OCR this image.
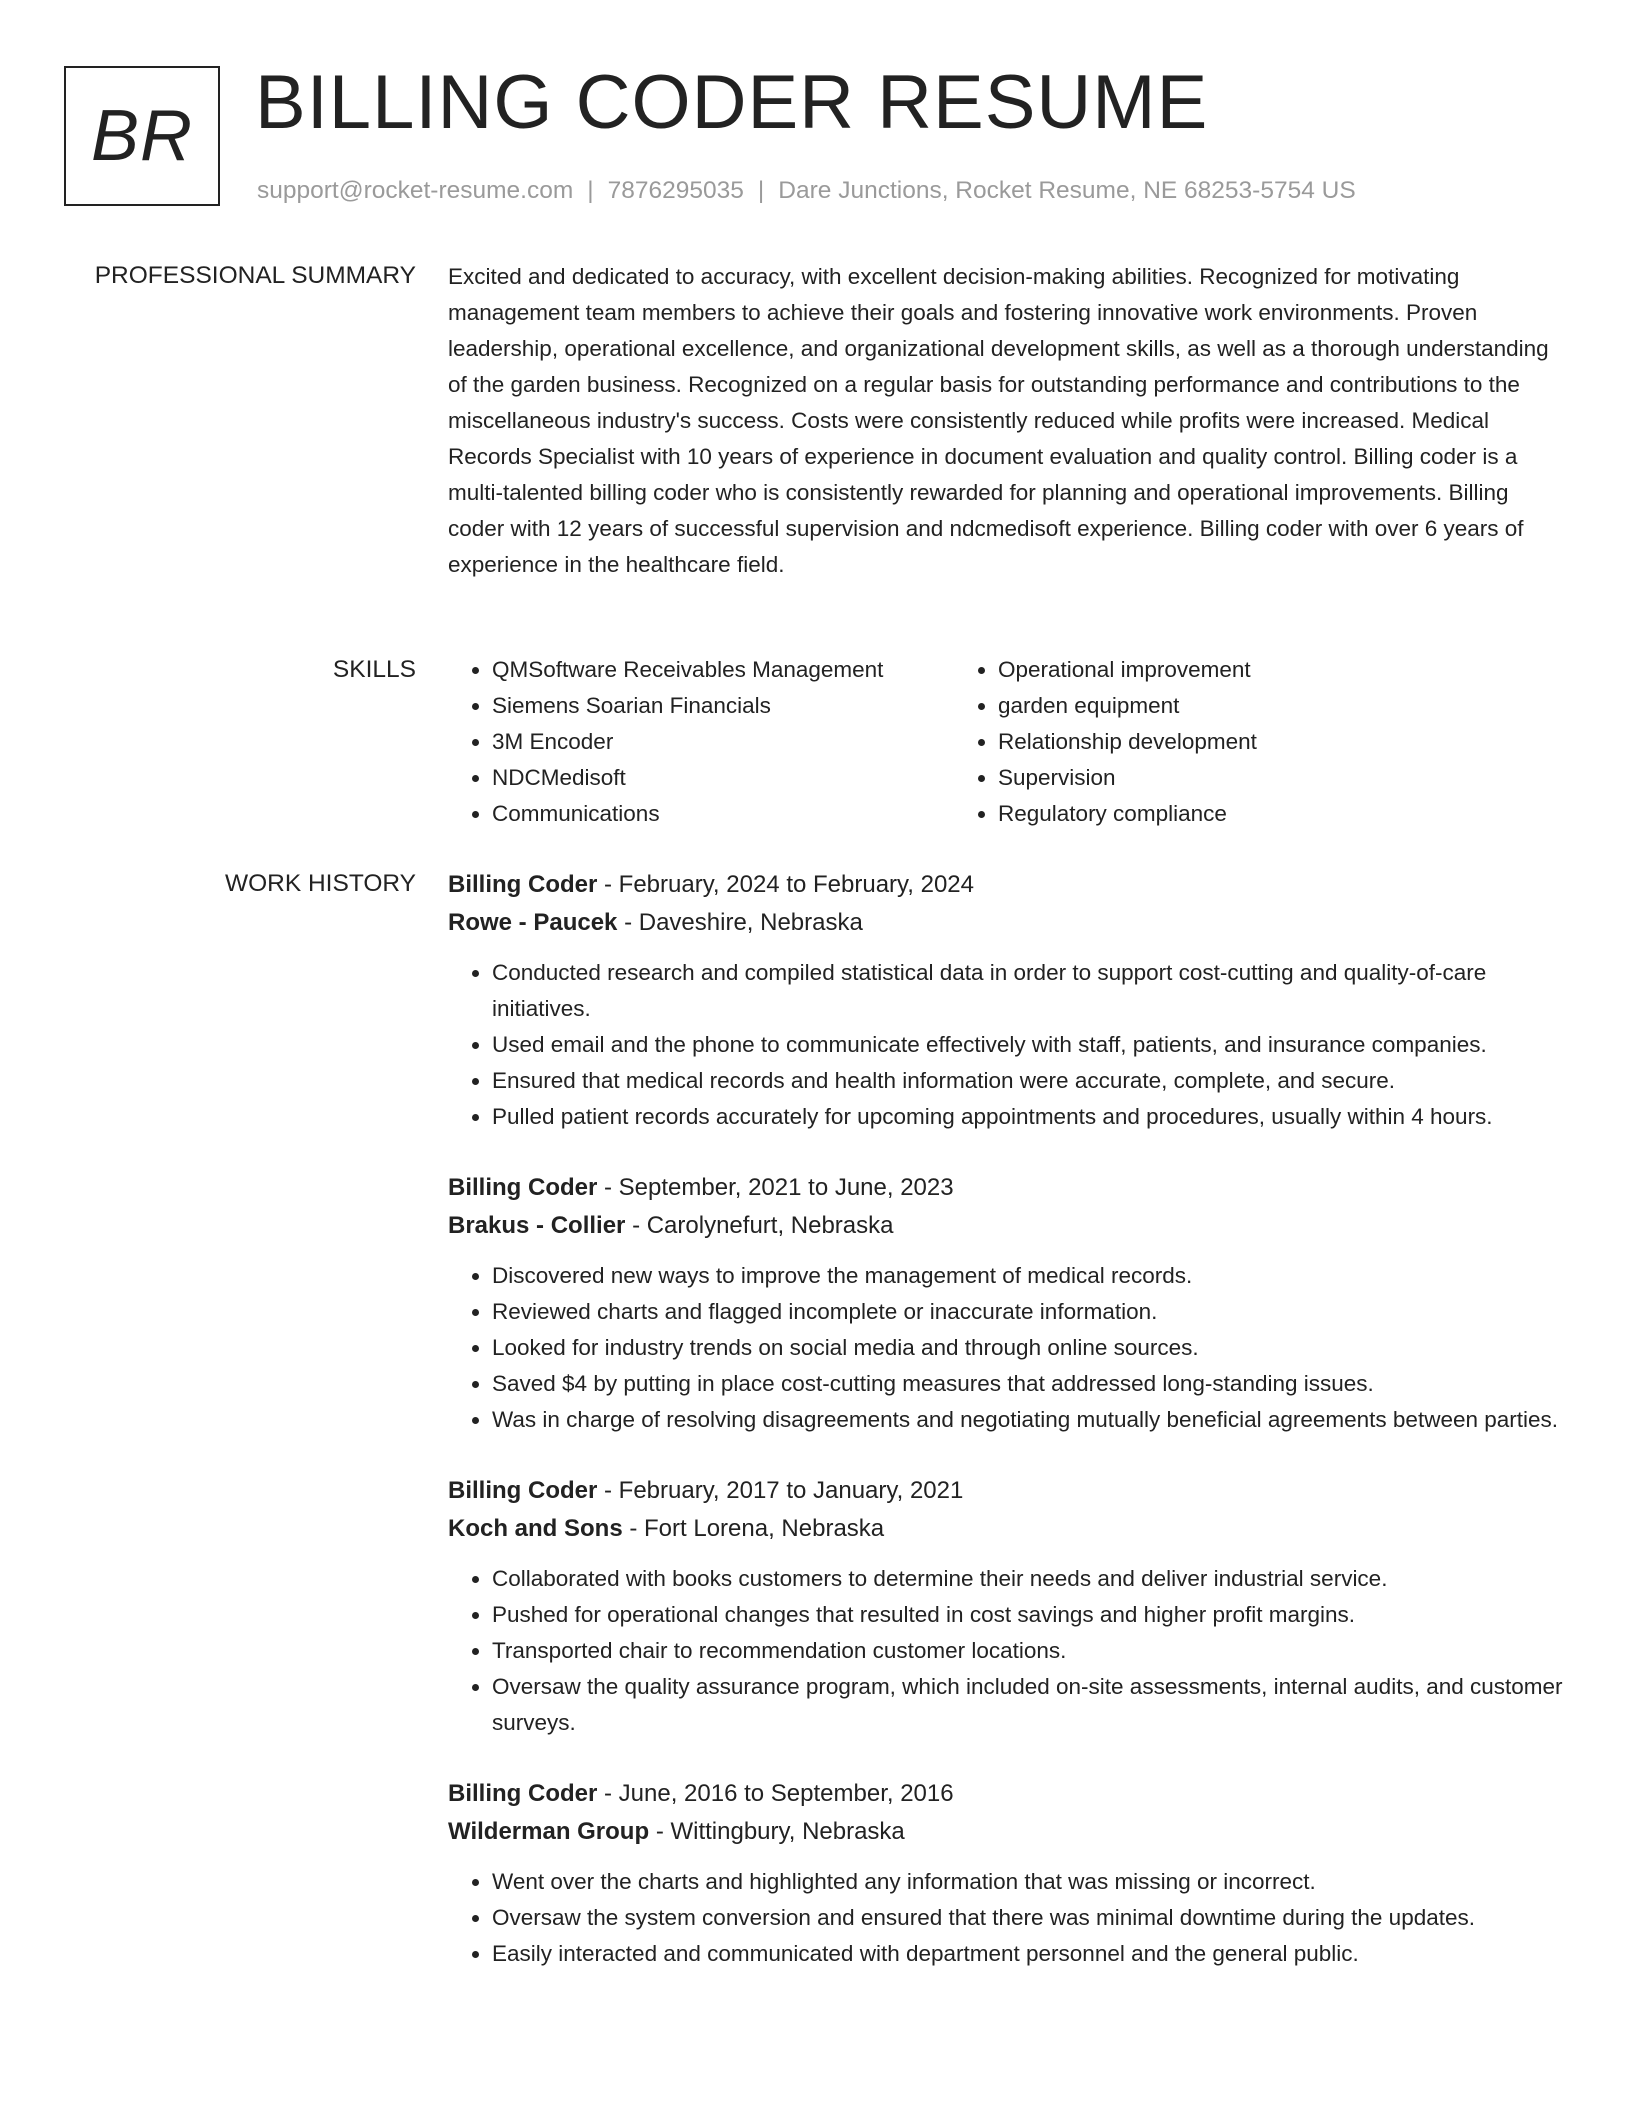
BR BILLING CODER RESUME
support@rocket-resume.com | 7876295035 | Dare Junctions, Rocket Resume, NE 68253-5754 US
PROFESSIONAL SUMMARY Excited and dedicated to accuracy, with excellent decision-making abilities. Recognized for motivating management team members to achieve their goals and fostering innovative work environments. Proven leadership, operational excellence, and organizational development skills, as well as a thorough understanding of the garden business. Recognized on a regular basis for outstanding performance and contributions to the miscellaneous industry's success. Costs were consistently reduced while profits were increased. Medical Records Specialist with 10 years of experience in document evaluation and quality control. Billing coder is a multi-talented billing coder who is consistently rewarded for planning and operational improvements. Billing coder with 12 years of successful supervision and ndcmedisoft experience. Billing coder with over 6 years of experience in the healthcare field.

SKILLS
•	QMSoftware Receivables Management
• Siemens Soarian Financials
• 3M Encoder
• NDCMedisoft
• Communications
• Operational improvement
• garden equipment
• Relationship development
• Supervision
• Regulatory compliance
WORK HISTORY Billing Coder - February, 2024 to February, 2024

Rowe - Paucek - Daveshire, Nebraska

• Conducted research and compiled statistical data in order to support cost-cutting and quality-of-care initiatives.
• Used email and the phone to communicate effectively with staff, patients, and insurance companies.
• Ensured that medical records and health information were accurate, complete, and secure.
• Pulled patient records accurately for upcoming appointments and procedures, usually within 4 hours.

Billing Coder - September, 2021 to June, 2023

Brakus - Collier - Carolynefurt, Nebraska

• Discovered new ways to improve the management of medical records.
• Reviewed charts and flagged incomplete or inaccurate information.
• Looked for industry trends on social media and through online sources.
• Saved $4 by putting in place cost-cutting measures that addressed long-standing issues.
• Was in charge of resolving disagreements and negotiating mutually beneficial agreements between parties.

Billing Coder - February, 2017 to January, 2021

Koch and Sons - Fort Lorena, Nebraska

• Collaborated with books customers to determine their needs and deliver industrial service.
• Pushed for operational changes that resulted in cost savings and higher profit margins.
• Transported chair to recommendation customer locations.
• Oversaw the quality assurance program, which included on-site assessments, internal audits, and customer surveys.

Billing Coder - June, 2016 to September, 2016

Wilderman Group - Wittingbury, Nebraska

• Went over the charts and highlighted any information that was missing or incorrect.
• Oversaw the system conversion and ensured that there was minimal downtime during the updates.
• Easily interacted and communicated with department personnel and the general public.
